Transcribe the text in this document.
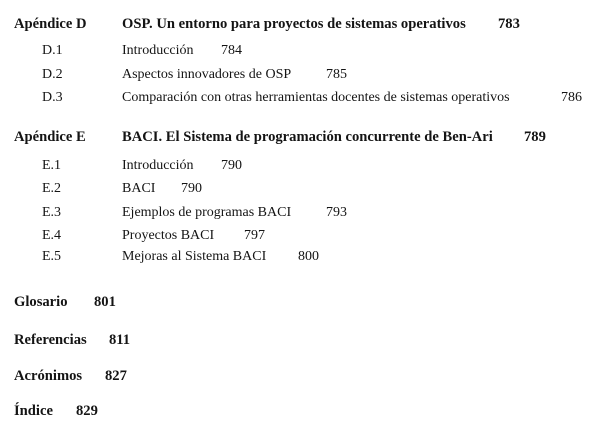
Apéndice D OSP. Un entorno para proyectos de sistemas operativos 783
D.1	Introducción 784
D.2	Aspectos innovadores de OSP 785
D.3	Comparación con otras herramientas docentes de sistemas operativos	786
Apéndice E BACI. El Sistema de programación concurrente de Ben-Ari 789
E.1	Introducción 790
E.2	BACI 790
E.3	Ejemplos de programas BACI 793
E.4	Proyectos BACI 797
E.5	Mejoras al Sistema BACI 800
Glosario 801
Referencias 811
Acrónimos 827
Índice 829
